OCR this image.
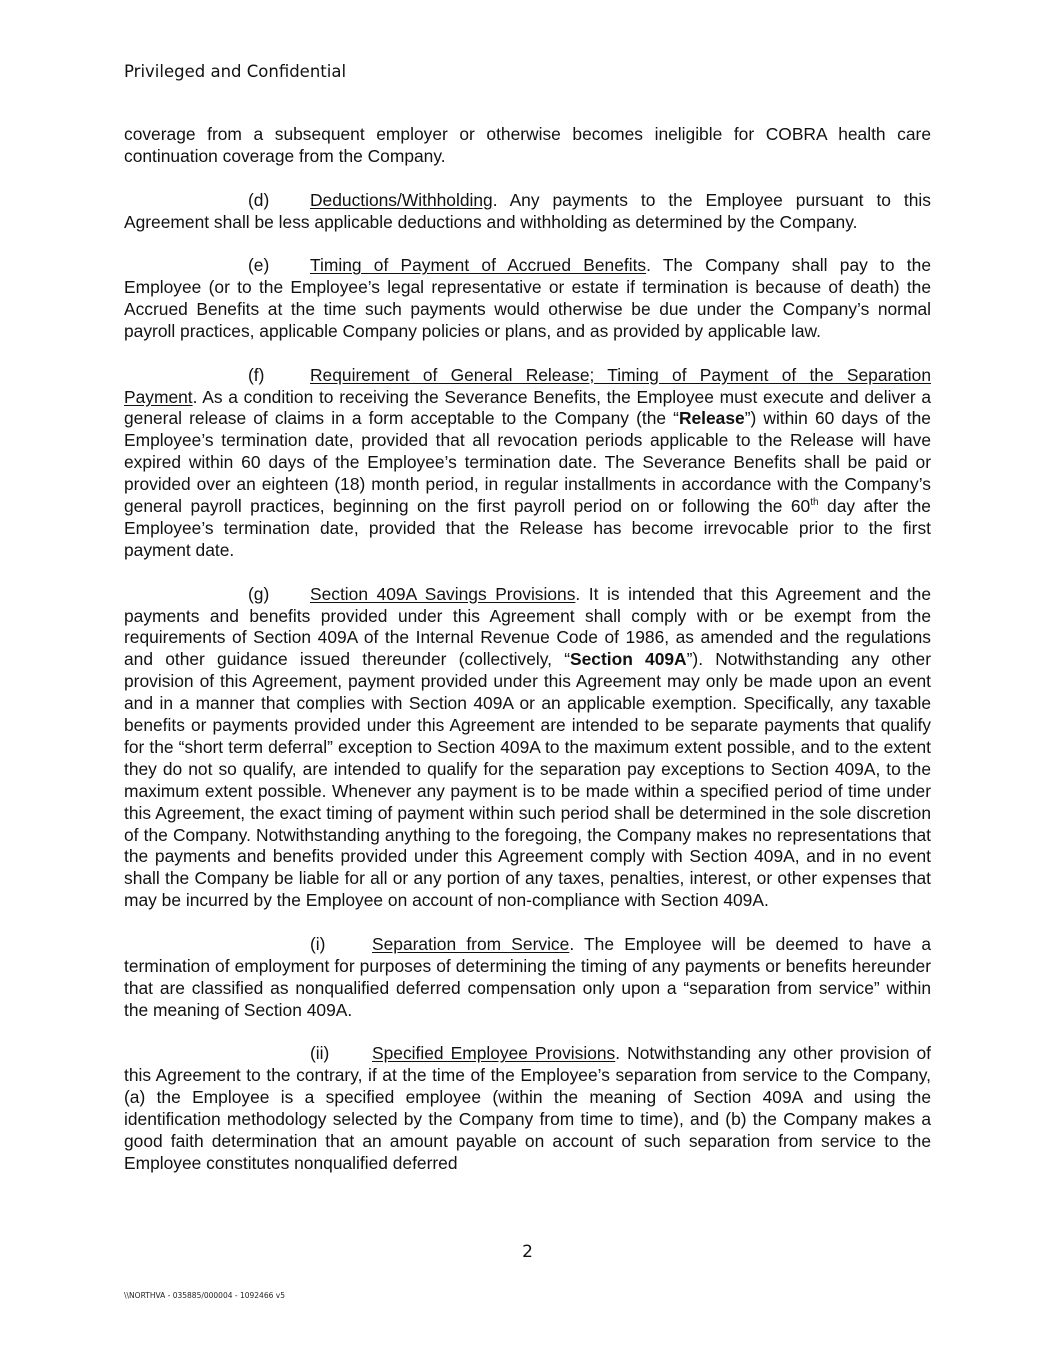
Privileged and Confidential

coverage from a subsequent employer or otherwise becomes ineligible for COBRA health care continuation coverage from the Company.

(d) Deductions/Withholding. Any payments to the Employee pursuant to this Agreement shall be less applicable deductions and withholding as determined by the Company.

(e) Timing of Payment of Accrued Benefits. The Company shall pay to the Employee (or to the Employee’s legal representative or estate if termination is because of death) the Accrued Benefits at the time such payments would otherwise be due under the Company’s normal payroll practices, applicable Company policies or plans, and as provided by applicable law.

(f)	Requirement of General Release; Timing of Payment of the Separation Payment. As a condition to receiving the Severance Benefits, the Employee must execute and deliver a general release of claims in a form acceptable to the Company (the “Release”) within 60 days of the Employee’s termination date, provided that all revocation periods applicable to the Release will have expired within 60 days of the Employee’s termination date. The Severance Benefits shall be paid or provided over an eighteen (18) month period, in regular installments in accordance with the Company’s general payroll practices, beginning on the first payroll period on or following the 60th day after the Employee’s termination date, provided that the Release has become irrevocable prior to the first payment date.

(g) Section 409A Savings Provisions. It is intended that this Agreement and the payments and benefits provided under this Agreement shall comply with or be exempt from the requirements of Section 409A of the Internal Revenue Code of 1986, as amended and the regulations and other guidance issued thereunder (collectively, “Section 409A”). Notwithstanding any other provision of this Agreement, payment provided under this Agreement may only be made upon an event and in a manner that complies with Section 409A or an applicable exemption. Specifically, any taxable benefits or payments provided under this Agreement are intended to be separate payments that qualify for the “short term deferral” exception to Section 409A to the maximum extent possible, and to the extent they do not so qualify, are intended to qualify for the separation pay exceptions to Section 409A, to the maximum extent possible. Whenever any payment is to be made within a specified period of time under this Agreement, the exact timing of payment within such period shall be determined in the sole discretion of the Company. Notwithstanding anything to the foregoing, the Company makes no representations that the payments and benefits provided under this Agreement comply with Section 409A, and in no event shall the Company be liable for all or any portion of any taxes, penalties, interest, or other expenses that may be incurred by the Employee on account of non-compliance with Section 409A.

(i)	Separation from Service. The Employee will be deemed to have a termination of employment for purposes of determining the timing of any payments or benefits hereunder that are classified as nonqualified deferred compensation only upon a “separation from service” within the meaning of Section 409A.

(ii) Specified Employee Provisions. Notwithstanding any other provision of this Agreement to the contrary, if at the time of the Employee’s separation from service to the Company, (a) the Employee is a specified employee (within the meaning of Section 409A and using the identification methodology selected by the Company from time to time), and (b) the Company makes a good faith determination that an amount payable on account of such separation from service to the Employee constitutes nonqualified deferred

2
\\NORTHVA - 035885/000004 - 1092466 v5
